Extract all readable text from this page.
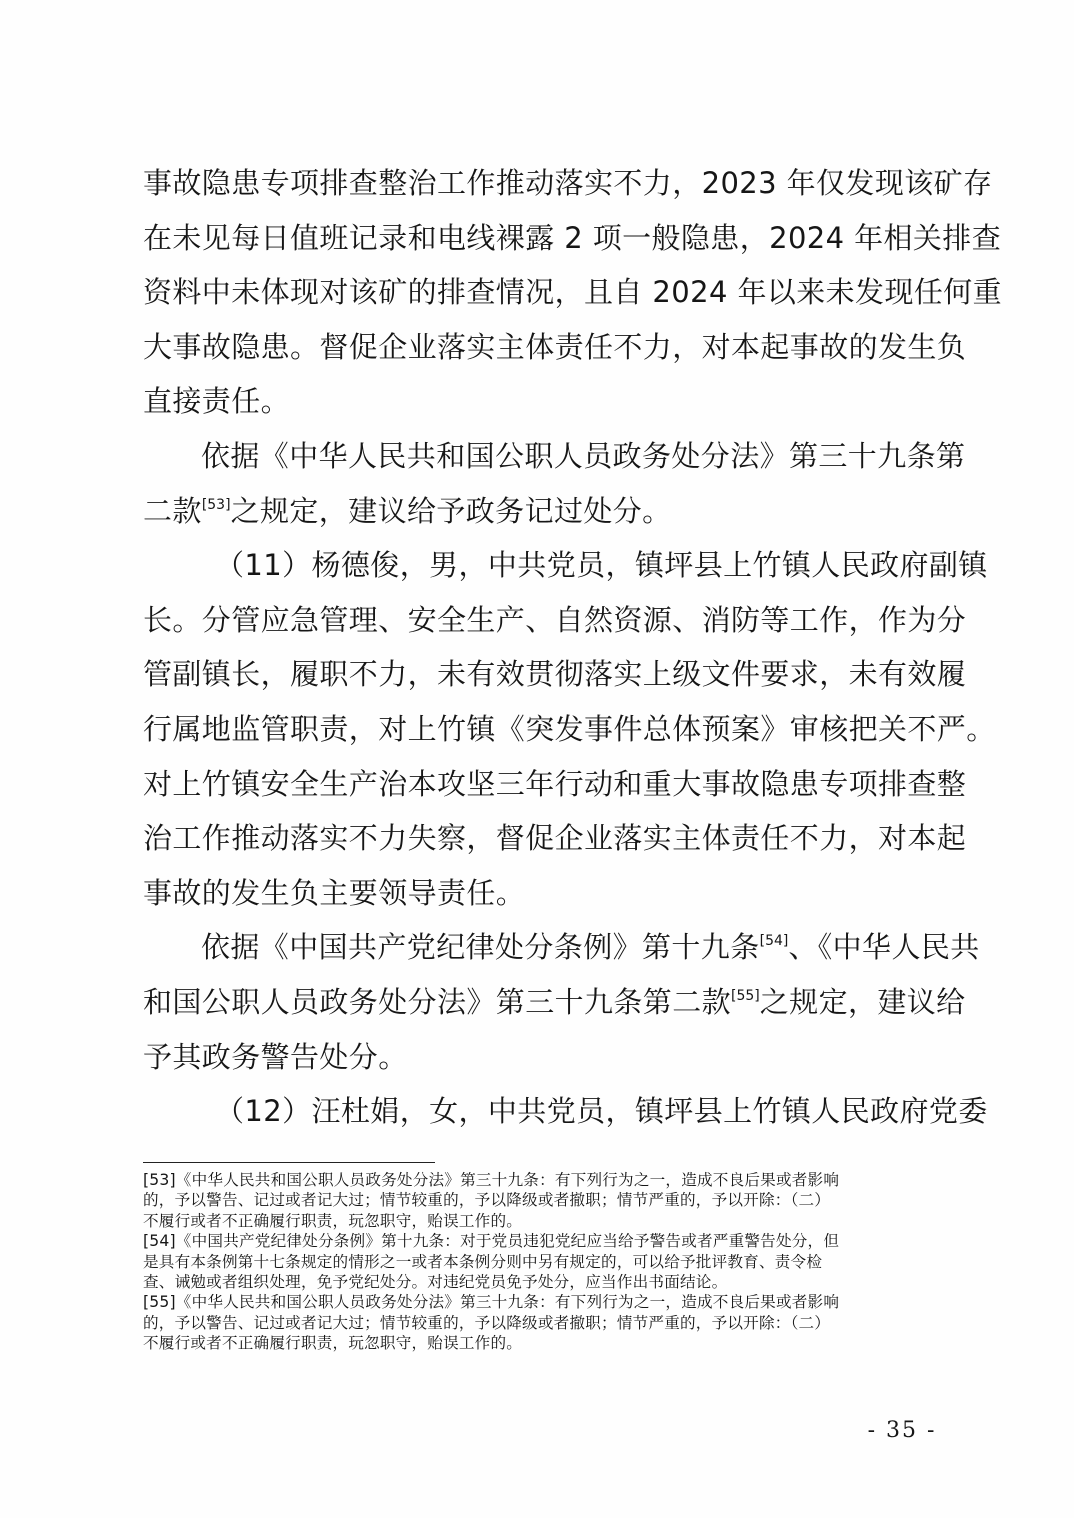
事故隐患专项排查整治工作推动落实不力，2023 年仅发现该矿存
在未见每日值班记录和电线裸露 2 项一般隐患，2024 年相关排查
资料中未体现对该矿的排查情况，且自 2024 年以来未发现任何重
大事故隐患。督促企业落实主体责任不力，对本起事故的发生负
直接责任。
依据《中华人民共和国公职人员政务处分法》第三十九条第
二款[53]之规定，建议给予政务记过处分。
（11）杨德俊，男，中共党员，镇坪县上竹镇人民政府副镇
长。分管应急管理、安全生产、自然资源、消防等工作，作为分
管副镇长，履职不力，未有效贯彻落实上级文件要求，未有效履
行属地监管职责，对上竹镇《突发事件总体预案》审核把关不严。
对上竹镇安全生产治本攻坚三年行动和重大事故隐患专项排查整
治工作推动落实不力失察，督促企业落实主体责任不力，对本起
事故的发生负主要领导责任。
依据《中国共产党纪律处分条例》第十九条[54]、《中华人民共
和国公职人员政务处分法》第三十九条第二款[55]之规定，建议给
予其政务警告处分。
（12）汪杜娟，女，中共党员，镇坪县上竹镇人民政府党委
[53]《中华人民共和国公职人员政务处分法》第三十九条：有下列行为之一，造成不良后果或者影响
的，予以警告、记过或者记大过；情节较重的，予以降级或者撤职；情节严重的，予以开除：（二）
不履行或者不正确履行职责，玩忽职守，贻误工作的。
[54]《中国共产党纪律处分条例》第十九条：对于党员违犯党纪应当给予警告或者严重警告处分，但
是具有本条例第十七条规定的情形之一或者本条例分则中另有规定的，可以给予批评教育、责令检
查、诫勉或者组织处理，免予党纪处分。对违纪党员免予处分，应当作出书面结论。
[55]《中华人民共和国公职人员政务处分法》第三十九条：有下列行为之一，造成不良后果或者影响
的，予以警告、记过或者记大过；情节较重的，予以降级或者撤职；情节严重的，予以开除：（二）
不履行或者不正确履行职责，玩忽职守，贻误工作的。
- 35 -
